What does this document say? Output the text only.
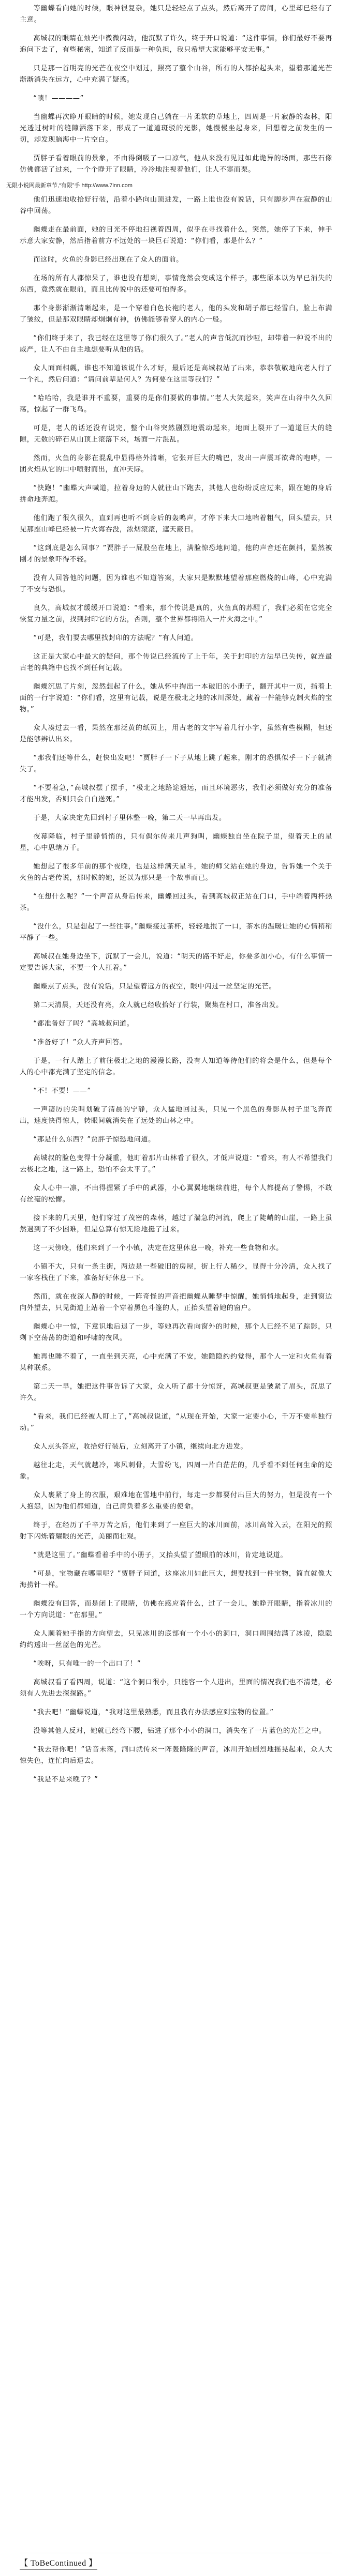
等幽蝶看向她的时候，眼神很复杂，她只是轻轻点了点头，然后离开了房间，心里却已经有了主意。

高城叔的眼睛在烛光中微微闪动，他沉默了许久，终于开口说道：“这件事情，你们最好不要再追问下去了，有些秘密，知道了反而是一种负担，我只希望大家能够平安无事。”

只是那一首明亮的光芒在夜空中划过，照亮了整个山谷，所有的人都抬起头来，望着那道光芒渐渐消失在远方，心中充满了疑惑。

“啧！————”

当幽蝶再次睁开眼睛的时候，她发现自己躺在一片柔软的草地上，四周是一片寂静的森林，阳光透过树叶的缝隙洒落下来，形成了一道道斑驳的光影，她慢慢坐起身来，回想着之前发生的一切，却发现脑海中一片空白。

贾胖子看着眼前的景象，不由得倒吸了一口凉气，他从来没有见过如此诡异的场面，那些石像仿佛都活了过来，一个个睁开了眼睛，冷冷地注视着他们，让人不寒而栗。

无限小说网最新章节,“有限”手 http://www.7inn.com

他们迅速地收拾好行装，沿着小路向山顶进发，一路上谁也没有说话，只有脚步声在寂静的山谷中回荡。

幽蝶走在最前面，她的目光不停地扫视着四周，似乎在寻找着什么，突然，她停了下来，伸手示意大家安静，然后指着前方不远处的一块巨石说道：“你们看，那是什么？”

而这时，火鱼的身影已经出现在了众人的面前。

在场的所有人都惊呆了，谁也没有想到，事情竟然会变成这个样子，那些原本以为早已消失的东西，竟然就在眼前，而且比传说中的还要可怕得多。

那个身影渐渐清晰起来，是一个穿着白色长袍的老人，他的头发和胡子都已经雪白，脸上布满了皱纹，但是那双眼睛却炯炯有神，仿佛能够看穿人的内心一般。

“你们终于来了，我已经在这里等了你们很久了。”老人的声音低沉而沙哑，却带着一种说不出的威严，让人不由自主地想要听从他的话。

众人面面相觑，谁也不知道该说什么才好，最后还是高城叔站了出来，恭恭敬敬地向老人行了一个礼，然后问道：“请问前辈是何人？为何要在这里等我们？”

“哈哈哈，我是谁并不重要，重要的是你们要做的事情。”老人大笑起来，笑声在山谷中久久回荡，惊起了一群飞鸟。

可是，老人的话还没有说完，整个山谷突然剧烈地震动起来，地面上裂开了一道道巨大的缝隙，无数的碎石从山顶上滚落下来，场面一片混乱。

然而，火鱼的身影在混乱中显得格外清晰，它张开巨大的嘴巴，发出一声震耳欲聋的咆哮，一团火焰从它的口中喷射而出，直冲天际。

“快跑！”幽蝶大声喊道，拉着身边的人就往山下跑去，其他人也纷纷反应过来，跟在她的身后拼命地奔跑。

他们跑了很久很久，直到再也听不到身后的轰鸣声，才停下来大口地喘着粗气，回头望去，只见那座山峰已经被一片火海吞没，浓烟滚滚，遮天蔽日。

“这到底是怎么回事？”贾胖子一屁股坐在地上，满脸惊恐地问道，他的声音还在颤抖，显然被刚才的景象吓得不轻。

没有人回答他的问题，因为谁也不知道答案，大家只是默默地望着那座燃烧的山峰，心中充满了不安与恐惧。

良久，高城叔才缓缓开口说道：“看来，那个传说是真的，火鱼真的苏醒了，我们必须在它完全恢复力量之前，找到封印它的方法，否则，整个世界都将陷入一片火海之中。”

“可是，我们要去哪里找封印的方法呢？”有人问道。

这正是大家心中最大的疑问，那个传说已经流传了上千年，关于封印的方法早已失传，就连最古老的典籍中也找不到任何记载。

幽蝶沉思了片刻，忽然想起了什么，她从怀中掏出一本破旧的小册子，翻开其中一页，指着上面的一行字说道：“你们看，这里有记载，说是在极北之地的冰川深处，藏着一件能够克制火焰的宝物。”

众人凑过去一看，果然在那泛黄的纸页上，用古老的文字写着几行小字，虽然有些模糊，但还是能够辨认出来。

“那我们还等什么，赶快出发吧！”贾胖子一下子从地上跳了起来，刚才的恐惧似乎一下子就消失了。

“不要着急，”高城叔摆了摆手，“极北之地路途遥远，而且环境恶劣，我们必须做好充分的准备才能出发，否则只会白白送死。”

于是，大家决定先回到村子里休整一晚，第二天一早再出发。

夜幕降临，村子里静悄悄的，只有偶尔传来几声狗叫，幽蝶独自坐在院子里，望着天上的星星，心中思绪万千。

她想起了很多年前的那个夜晚，也是这样满天星斗，她的师父站在她的身边，告诉她一个关于火鱼的古老传说，那时候的她，还以为那只是一个故事而已。

“在想什么呢？”一个声音从身后传来，幽蝶回过头，看到高城叔正站在门口，手中端着两杯热茶。

“没什么，只是想起了一些往事。”幽蝶接过茶杯，轻轻地抿了一口，茶水的温暖让她的心情稍稍平静了一些。

高城叔在她身边坐下，沉默了一会儿，说道：“明天的路不好走，你要多加小心，有什么事情一定要告诉大家，不要一个人扛着。”

幽蝶点了点头，没有说话，只是望着远方的夜空，眼中闪过一丝坚定的光芒。

第二天清晨，天还没有亮，众人就已经收拾好了行装，聚集在村口，准备出发。

“都准备好了吗？”高城叔问道。

“准备好了！”众人齐声回答。

于是，一行人踏上了前往极北之地的漫漫长路，没有人知道等待他们的将会是什么，但是每个人的心中都充满了坚定的信念。

“不！不要！——”

一声凄厉的尖叫划破了清晨的宁静，众人猛地回过头，只见一个黑色的身影从村子里飞奔而出，速度快得惊人，转眼间就消失在了远处的山林之中。

“那是什么东西？”贾胖子惊恐地问道。

高城叔的脸色变得十分凝重，他盯着那片山林看了很久，才低声说道：“看来，有人不希望我们去极北之地，这一路上，恐怕不会太平了。”

众人心中一凛，不由得握紧了手中的武器，小心翼翼地继续前进，每个人都提高了警惕，不敢有丝毫的松懈。

接下来的几天里，他们穿过了茂密的森林，越过了湍急的河流，爬上了陡峭的山崖，一路上虽然遇到了不少困难，但是总算有惊无险地挺了过来。

这一天傍晚，他们来到了一个小镇，决定在这里休息一晚，补充一些食物和水。

小镇不大，只有一条主街，两边是一些破旧的房屋，街上行人稀少，显得十分冷清，众人找了一家客栈住了下来，准备好好休息一下。

然而，就在夜深人静的时候，一阵奇怪的声音把幽蝶从睡梦中惊醒，她悄悄地起身，走到窗边向外望去，只见街道上站着一个穿着黑色斗篷的人，正抬头望着她的窗户。

幽蝶心中一惊，下意识地后退了一步，等她再次看向窗外的时候，那个人已经不见了踪影，只剩下空荡荡的街道和呼啸的夜风。

她再也睡不着了，一直坐到天亮，心中充满了不安，她隐隐约约觉得，那个人一定和火鱼有着某种联系。

第二天一早，她把这件事告诉了大家，众人听了都十分惊讶，高城叔更是皱紧了眉头，沉思了许久。

“看来，我们已经被人盯上了，”高城叔说道，“从现在开始，大家一定要小心，千万不要单独行动。”

众人点头答应，收拾好行装后，立刻离开了小镇，继续向北方进发。

越往北走，天气就越冷，寒风刺骨，大雪纷飞，四周一片白茫茫的，几乎看不到任何生命的迹象。

众人裹紧了身上的衣服，艰难地在雪地中前行，每走一步都要付出巨大的努力，但是没有一个人抱怨，因为他们都知道，自己肩负着多么重要的使命。

终于，在经历了千辛万苦之后，他们来到了一座巨大的冰川面前，冰川高耸入云，在阳光的照射下闪烁着耀眼的光芒，美丽而壮观。

“就是这里了。”幽蝶看着手中的小册子，又抬头望了望眼前的冰川，肯定地说道。

“可是，宝物藏在哪里呢？”贾胖子问道，这座冰川如此巨大，想要找到一件宝物，简直就像大海捞针一样。

幽蝶没有回答，而是闭上了眼睛，仿佛在感应着什么，过了一会儿，她睁开眼睛，指着冰川的一个方向说道：“在那里。”

众人顺着她手指的方向望去，只见冰川的底部有一个小小的洞口，洞口周围结满了冰凌，隐隐约约透出一丝蓝色的光芒。

“唉呀，只有唯一的一个出口了！”

高城叔看了看四周，说道：“这个洞口很小，只能容一个人进出，里面的情况我们也不清楚，必须有人先进去探探路。”

“我去吧！”幽蝶说道，“我对这里最熟悉，而且我有办法感应到宝物的位置。”

没等其他人反对，她就已经弯下腰，钻进了那个小小的洞口，消失在了一片蓝色的光芒之中。

“我去帮你吧！”话音未落，洞口就传来一阵轰隆隆的声音，冰川开始剧烈地摇晃起来，众人大惊失色，连忙向后退去。

“我是不是来晚了？”

【 ToBeContinued 】
